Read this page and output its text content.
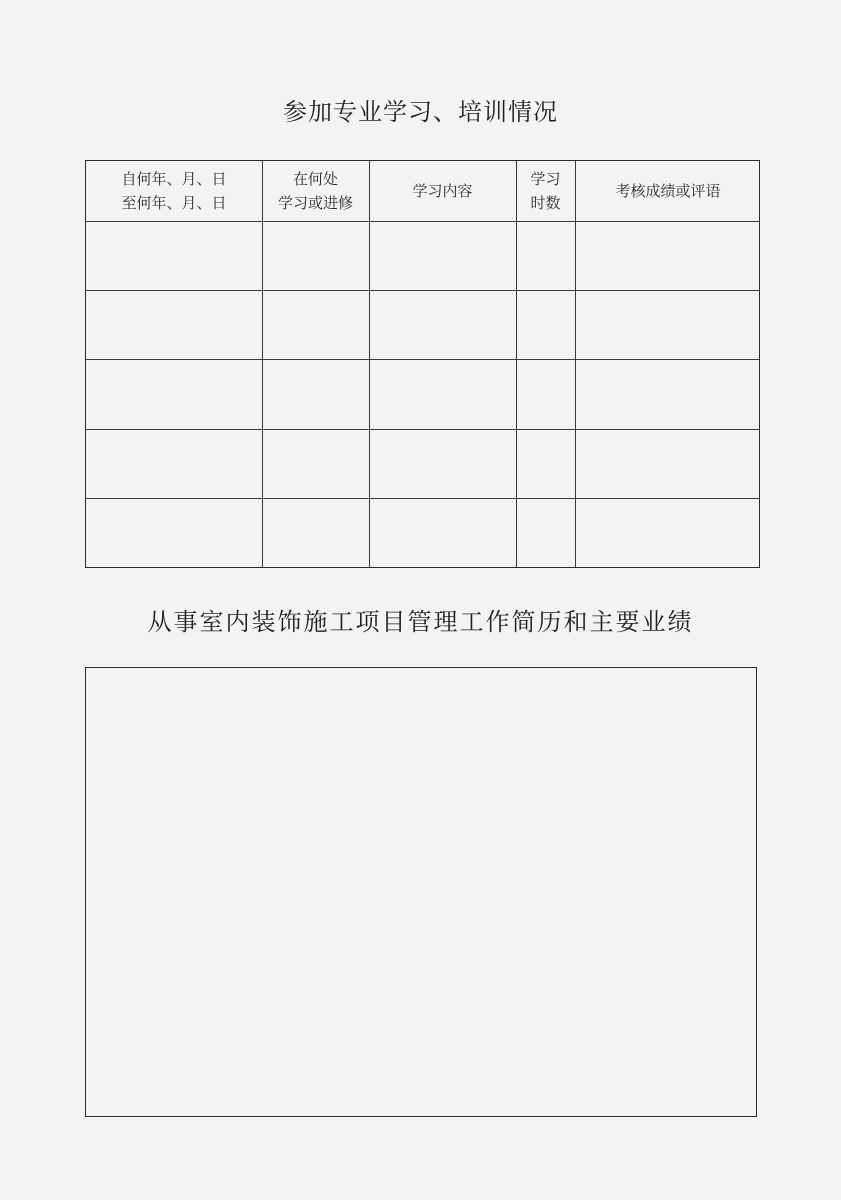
参加专业学习、培训情况
自何年、月、日
至何年、月、日
在何处
学习或进修
学习内容
学习
时数
考核成绩或评语
从事室内装饰施工项目管理工作简历和主要业绩
